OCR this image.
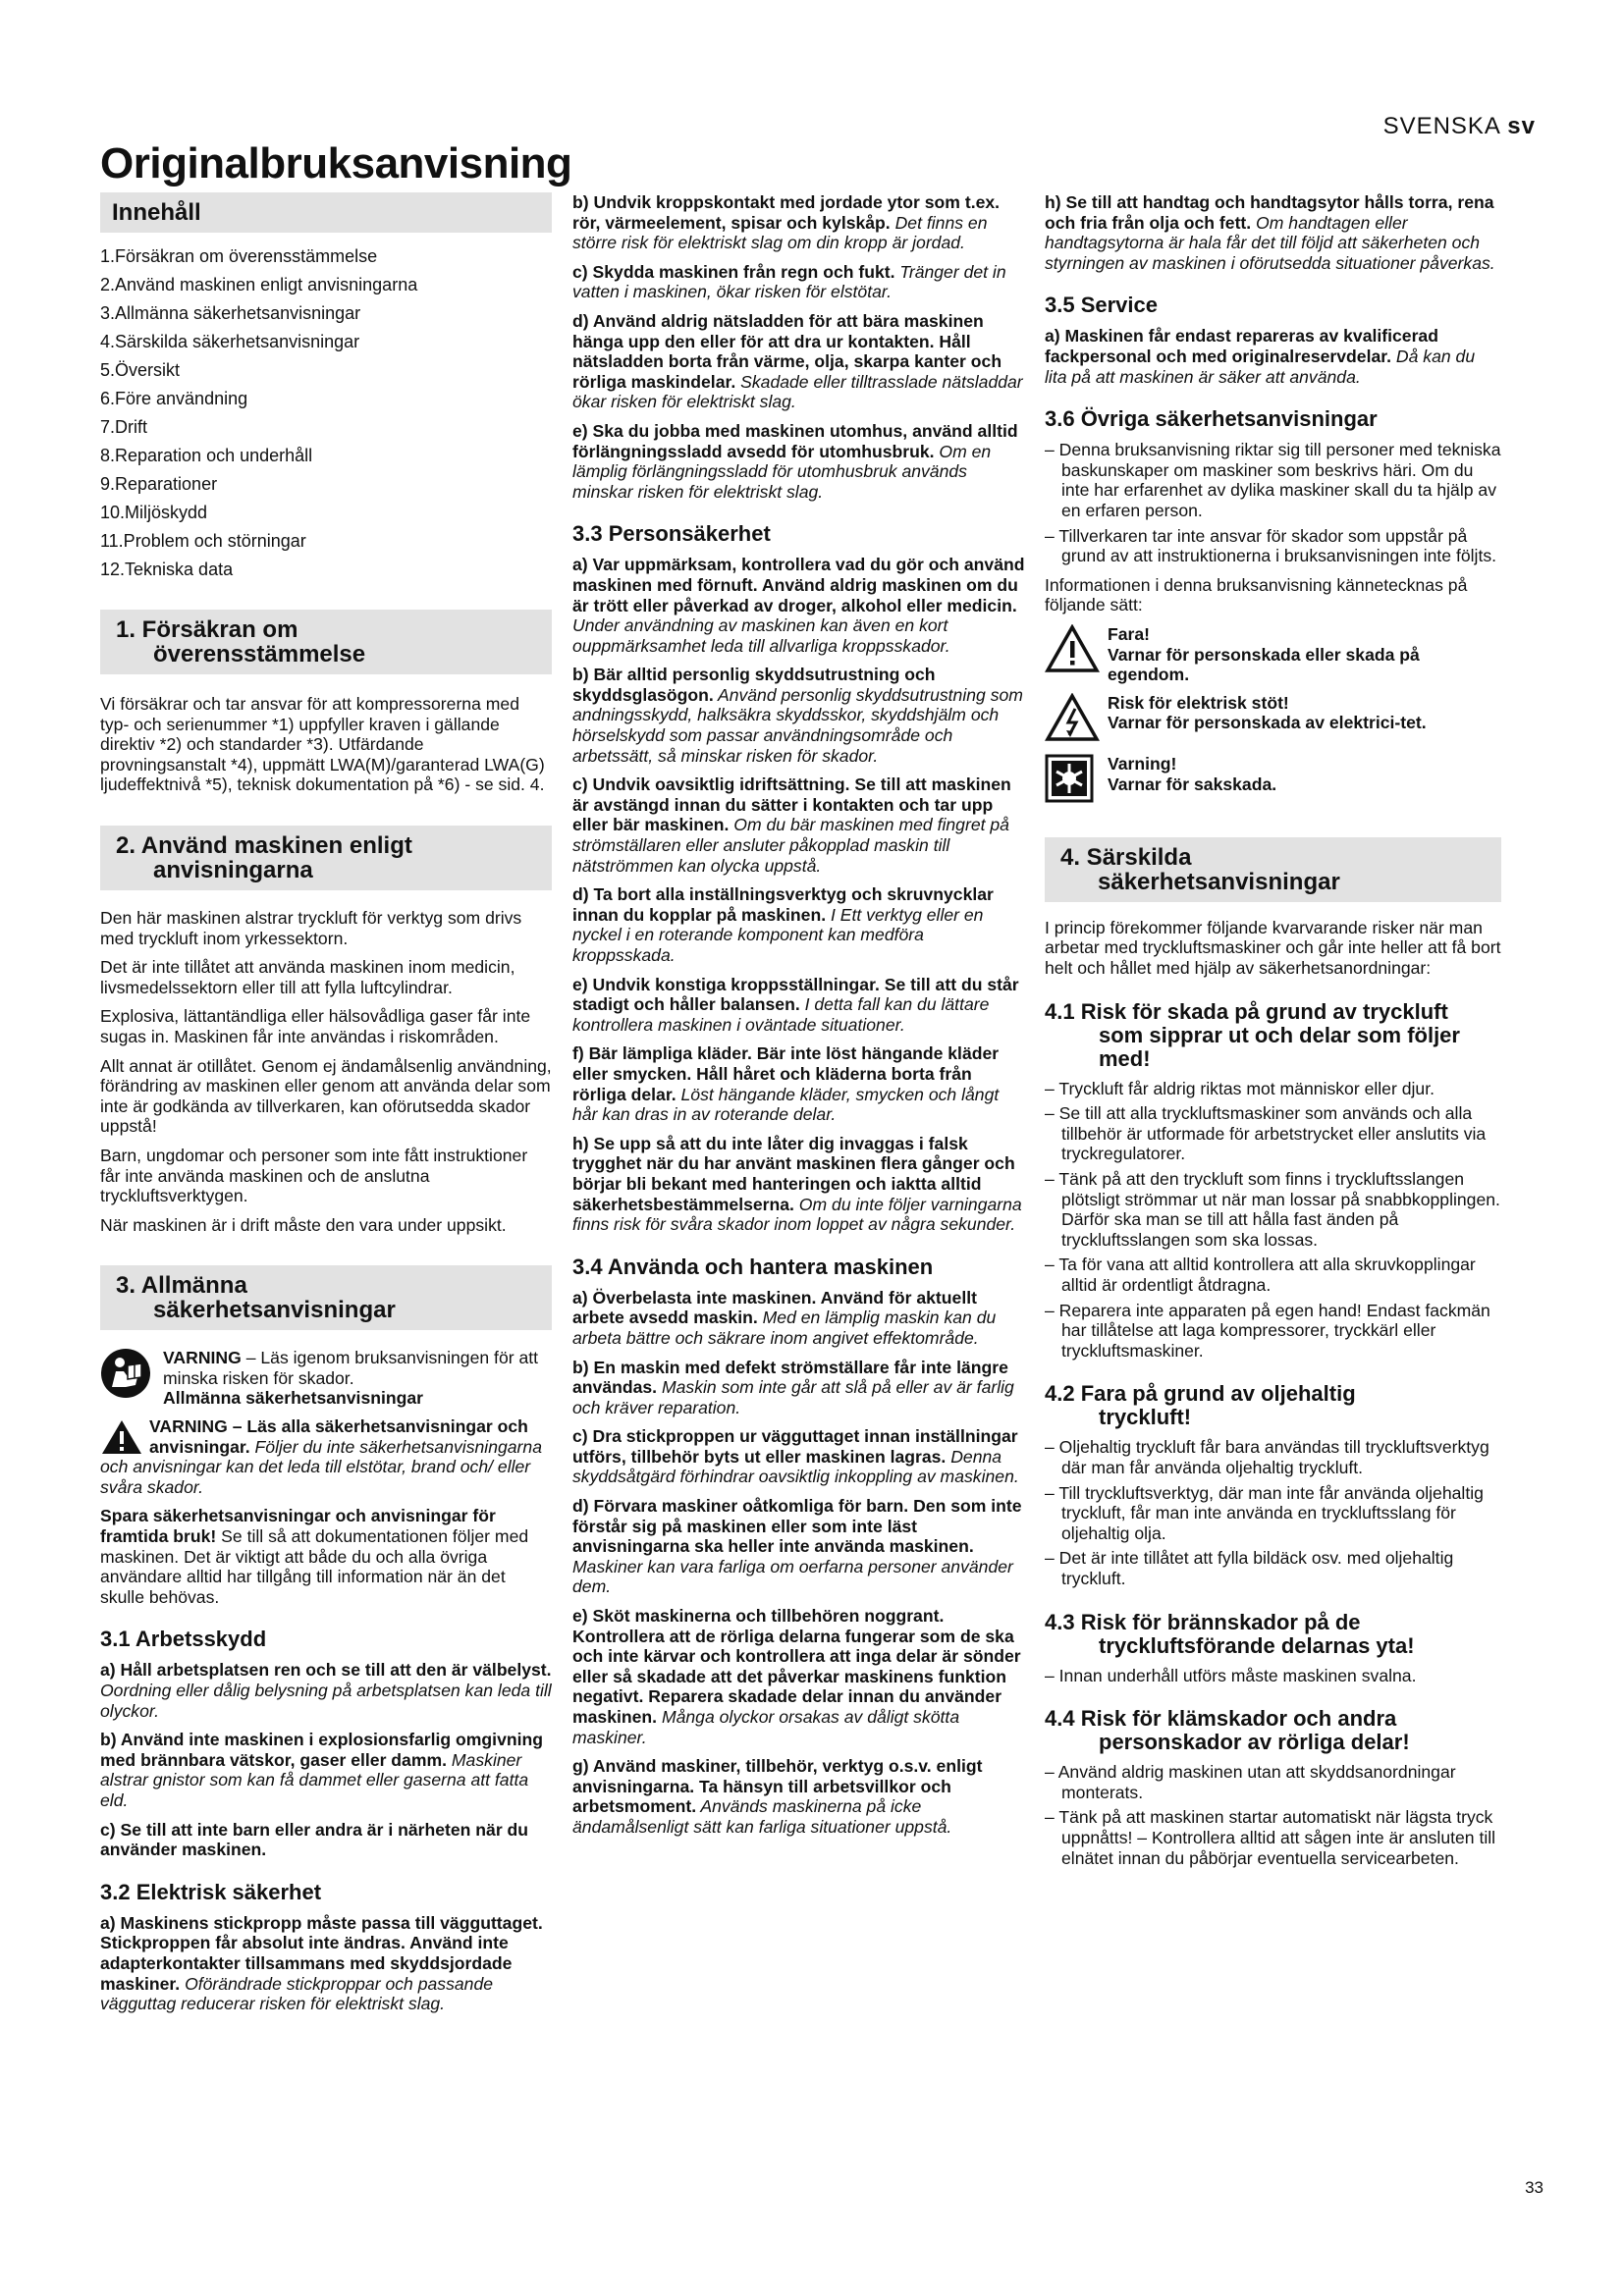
SVENSKA sv
Originalbruksanvisning
Innehåll
1.Försäkran om överensstämmelse
2.Använd maskinen enligt anvisningarna
3.Allmänna säkerhetsanvisningar
4.Särskilda säkerhetsanvisningar
5.Översikt
6.Före användning
7.Drift
8.Reparation och underhåll
9.Reparationer
10.Miljöskydd
11.Problem och störningar
12.Tekniska data
1. Försäkran om
överensstämmelse

Vi försäkrar och tar ansvar för att kompressorerna med typ- och serienummer *1) uppfyller kraven i gällande direktiv *2) och standarder *3). Utfärdande provningsanstalt *4), uppmätt LWA(M)/garanterad LWA(G) ljudeffektnivå *5), teknisk dokumentation på *6) - se sid. 4.

2. Använd maskinen enligt
anvisningarna

Den här maskinen alstrar tryckluft för verktyg som drivs med tryckluft inom yrkessektorn.

Det är inte tillåtet att använda maskinen inom medicin, livsmedelssektorn eller till att fylla luftcylindrar.

Explosiva, lättantändliga eller hälsovådliga gaser får inte sugas in. Maskinen får inte användas i riskområden.

Allt annat är otillåtet. Genom ej ändamålsenlig användning, förändring av maskinen eller genom att använda delar som inte är godkända av tillverkaren, kan oförutsedda skador uppstå!

Barn, ungdomar och personer som inte fått instruktioner får inte använda maskinen och de anslutna tryckluftsverktygen.

När maskinen är i drift måste den vara under uppsikt.

3. Allmänna
säkerhetsanvisningar
VARNING – Läs igenom bruksanvisningen för att minska risken för skador.
Allmänna säkerhetsanvisningar

VARNING – Läs alla säkerhetsanvisningar och anvisningar. Följer du inte säkerhetsanvisningarna och anvisningar kan det leda till elstötar, brand och/ eller svåra skador.

Spara säkerhetsanvisningar och anvisningar för framtida bruk! Se till så att dokumentationen följer med maskinen. Det är viktigt att både du och alla övriga användare alltid har tillgång till information när än det skulle behövas.

3.1 Arbetsskydd

a) Håll arbetsplatsen ren och se till att den är välbelyst. Oordning eller dålig belysning på arbetsplatsen kan leda till olyckor.

b) Använd inte maskinen i explosionsfarlig omgivning med brännbara vätskor, gaser eller damm. Maskiner alstrar gnistor som kan få dammet eller gaserna att fatta eld.

c) Se till att inte barn eller andra är i närheten när du använder maskinen.

3.2 Elektrisk säkerhet

a) Maskinens stickpropp måste passa till vägguttaget. Stickproppen får absolut inte ändras. Använd inte adapterkontakter tillsammans med skyddsjordade maskiner. Oförändrade stickproppar och passande vägguttag reducerar risken för elektriskt slag.

b) Undvik kroppskontakt med jordade ytor som t.ex. rör, värmeelement, spisar och kylskåp. Det finns en större risk för elektriskt slag om din kropp är jordad.

c) Skydda maskinen från regn och fukt. Tränger det in vatten i maskinen, ökar risken för elstötar.

d) Använd aldrig nätsladden för att bära maskinen hänga upp den eller för att dra ur kontakten. Håll nätsladden borta från värme, olja, skarpa kanter och rörliga maskindelar. Skadade eller tilltrasslade nätsladdar ökar risken för elektriskt slag.

e) Ska du jobba med maskinen utomhus, använd alltid förlängningssladd avsedd för utomhusbruk. Om en lämplig förlängningssladd för utomhusbruk används minskar risken för elektriskt slag.

3.3 Personsäkerhet

a) Var uppmärksam, kontrollera vad du gör och använd maskinen med förnuft. Använd aldrig maskinen om du är trött eller påverkad av droger, alkohol eller medicin. Under användning av maskinen kan även en kort ouppmärksamhet leda till allvarliga kroppsskador.

b) Bär alltid personlig skyddsutrustning och skyddsglasögon. Använd personlig skyddsutrustning som andningsskydd, halksäkra skyddsskor, skyddshjälm och hörselskydd som passar användningsområde och arbetssätt, så minskar risken för skador.

c) Undvik oavsiktlig idriftsättning. Se till att maskinen är avstängd innan du sätter i kontakten och tar upp eller bär maskinen. Om du bär maskinen med fingret på strömställaren eller ansluter påkopplad maskin till nätströmmen kan olycka uppstå.

d) Ta bort alla inställningsverktyg och skruvnycklar innan du kopplar på maskinen. I Ett verktyg eller en nyckel i en roterande komponent kan medföra kroppsskada.

e) Undvik konstiga kroppsställningar. Se till att du står stadigt och håller balansen. I detta fall kan du lättare kontrollera maskinen i oväntade situationer.

f) Bär lämpliga kläder. Bär inte löst hängande kläder eller smycken. Håll håret och kläderna borta från rörliga delar. Löst hängande kläder, smycken och långt hår kan dras in av roterande delar.

h) Se upp så att du inte låter dig invaggas i falsk trygghet när du har använt maskinen flera gånger och börjar bli bekant med hanteringen och iaktta alltid säkerhetsbestämmelserna. Om du inte följer varningarna finns risk för svåra skador inom loppet av några sekunder.

3.4 Använda och hantera maskinen

a) Överbelasta inte maskinen. Använd för aktuellt arbete avsedd maskin. Med en lämplig maskin kan du arbeta bättre och säkrare inom angivet effektområde.

b) En maskin med defekt strömställare får inte längre användas. Maskin som inte går att slå på eller av är farlig och kräver reparation.

c) Dra stickproppen ur vägguttaget innan inställningar utförs, tillbehör byts ut eller maskinen lagras. Denna skyddsåtgärd förhindrar oavsiktlig inkoppling av maskinen.

d) Förvara maskiner oåtkomliga för barn. Den som inte förstår sig på maskinen eller som inte läst anvisningarna ska heller inte använda maskinen. Maskiner kan vara farliga om oerfarna personer använder dem.

e) Sköt maskinerna och tillbehören noggrant. Kontrollera att de rörliga delarna fungerar som de ska och inte kärvar och kontrollera att inga delar är sönder eller så skadade att det påverkar maskinens funktion negativt. Reparera skadade delar innan du använder maskinen. Många olyckor orsakas av dåligt skötta maskiner.

g) Använd maskiner, tillbehör, verktyg o.s.v. enligt anvisningarna. Ta hänsyn till arbetsvillkor och arbetsmoment. Används maskinerna på icke ändamålsenligt sätt kan farliga situationer uppstå.

h) Se till att handtag och handtagsytor hålls torra, rena och fria från olja och fett. Om handtagen eller handtagsytorna är hala får det till följd att säkerheten och styrningen av maskinen i oförutsedda situationer påverkas.

3.5 Service

a) Maskinen får endast repareras av kvalificerad fackpersonal och med originalreservdelar. Då kan du lita på att maskinen är säker att använda.

3.6 Övriga säkerhetsanvisningar
– Denna bruksanvisning riktar sig till personer med tekniska baskunskaper om maskiner som beskrivs häri. Om du inte har erfarenhet av dylika maskiner skall du ta hjälp av en erfaren person.
– Tillverkaren tar inte ansvar för skador som uppstår på grund av att instruktionerna i bruksanvisningen inte följts.

Informationen i denna bruksanvisning kännetecknas på följande sätt:

Fara!
Varnar för personskada eller skada på egendom.
Risk för elektrisk stöt!
Varnar för personskada av elektrici-tet.
Varning!
Varnar för sakskada.
4. Särskilda
säkerhetsanvisningar

I princip förekommer följande kvarvarande risker när man arbetar med tryckluftsmaskiner och går inte heller att få bort helt och hållet med hjälp av säkerhetsanordningar:

4.1 Risk för skada på grund av tryckluft
som sipprar ut och delar som följer
med!
– Tryckluft får aldrig riktas mot människor eller djur.
– Se till att alla tryckluftsmaskiner som används och alla tillbehör är utformade för arbetstrycket eller anslutits via tryckregulatorer.
– Tänk på att den tryckluft som finns i tryckluftsslangen plötsligt strömmar ut när man lossar på snabbkopplingen. Därför ska man se till att hålla fast änden på tryckluftsslangen som ska lossas.
– Ta för vana att alltid kontrollera att alla skruvkopplingar alltid är ordentligt åtdragna.
– Reparera inte apparaten på egen hand! Endast fackmän har tillåtelse att laga kompressorer, tryckkärl eller tryckluftsmaskiner.
4.2 Fara på grund av oljehaltig
tryckluft!
– Oljehaltig tryckluft får bara användas till tryckluftsverktyg där man får använda oljehaltig tryckluft.
– Till tryckluftsverktyg, där man inte får använda oljehaltig tryckluft, får man inte använda en tryckluftsslang för oljehaltig olja.
– Det är inte tillåtet att fylla bildäck osv. med oljehaltig tryckluft.
4.3 Risk för brännskador på de
tryckluftsförande delarnas yta!
– Innan underhåll utförs måste maskinen svalna.
4.4 Risk för klämskador och andra
personskador av rörliga delar!
– Använd aldrig maskinen utan att skyddsanordningar monterats.
– Tänk på att maskinen startar automatiskt när lägsta tryck uppnåtts! – Kontrollera alltid att sågen inte är ansluten till elnätet innan du påbörjar eventuella servicearbeten.
33
